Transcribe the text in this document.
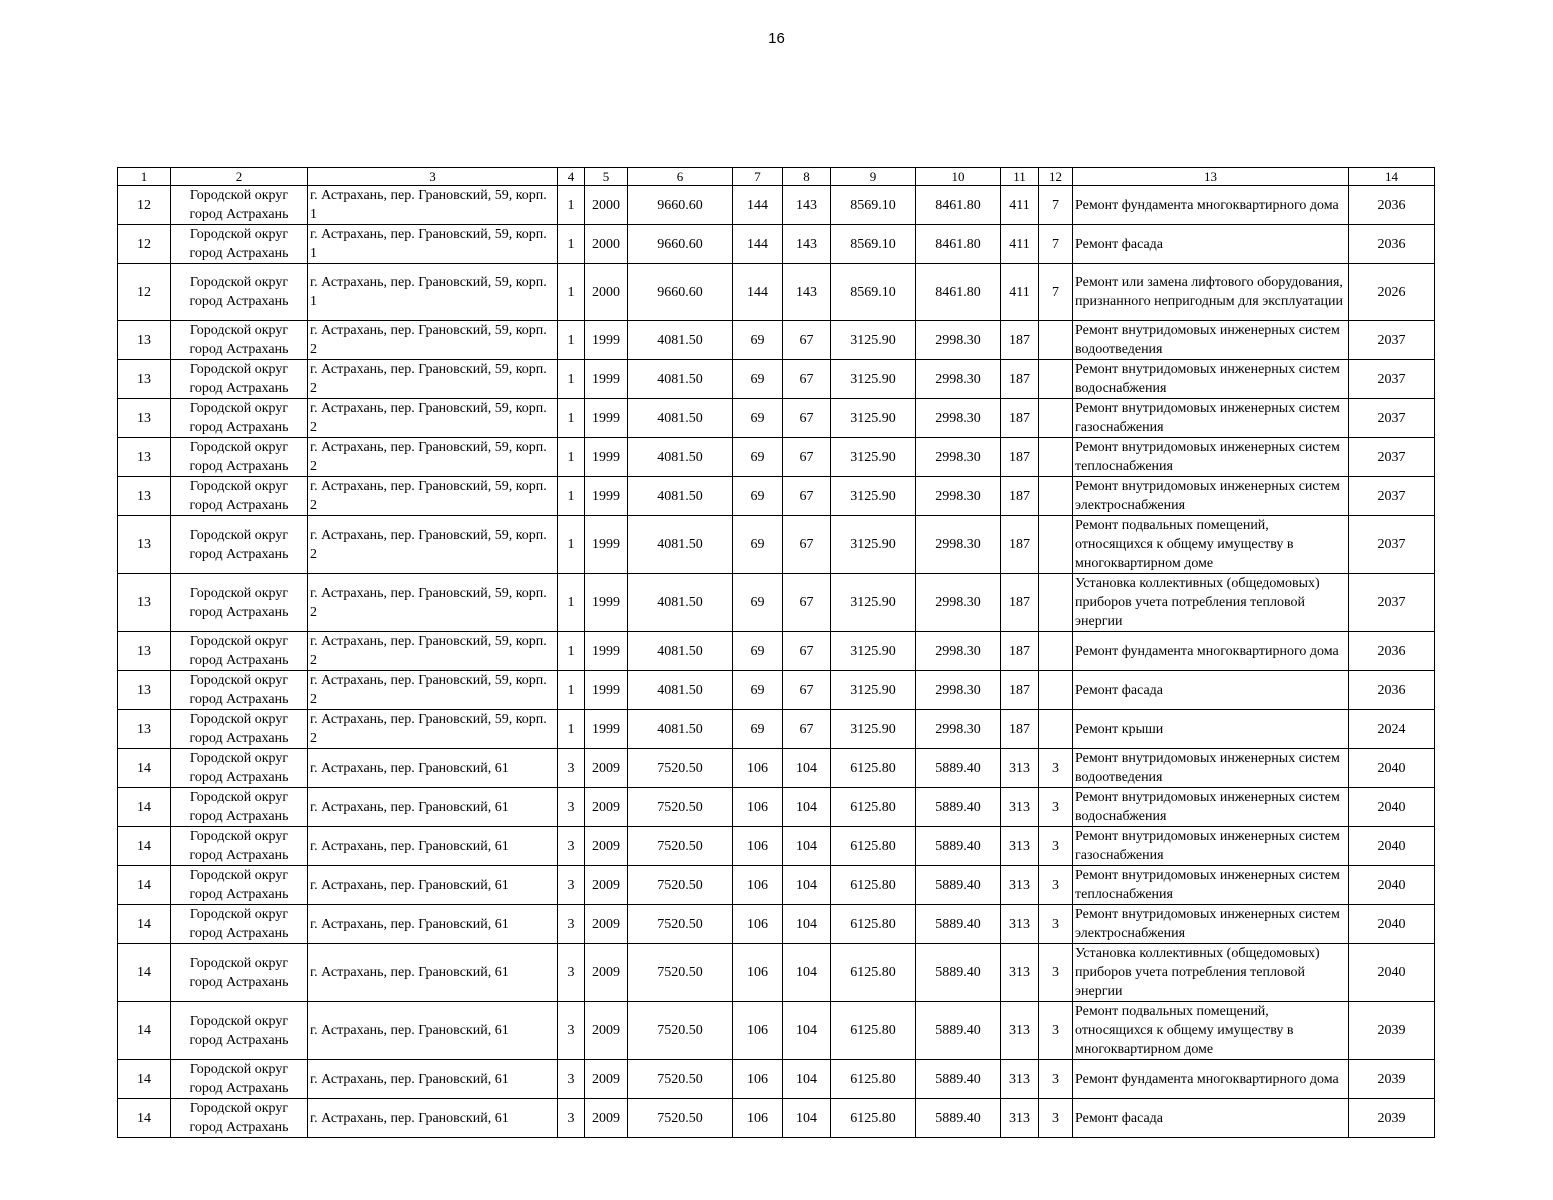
16
1	2	3	4	5	6	7	8	9	10	11	12	13	14
12	Городской округ город Астрахань	г. Астрахань, пер. Грановский, 59, корп. 1	1	2000	9660.60	144	143	8569.10	8461.80	411	7	Ремонт фундамента многоквартирного дома	2036
12	Городской округ город Астрахань	г. Астрахань, пер. Грановский, 59, корп. 1	1	2000	9660.60	144	143	8569.10	8461.80	411	7	Ремонт фасада	2036
12	Городской округ город Астрахань	г. Астрахань, пер. Грановский, 59, корп. 1	1	2000	9660.60	144	143	8569.10	8461.80	411	7	Ремонт или замена лифтового оборудования, признанного непригодным для эксплуатации	2026
13	Городской округ город Астрахань	г. Астрахань, пер. Грановский, 59, корп. 2	1	1999	4081.50	69	67	3125.90	2998.30	187		Ремонт внутридомовых инженерных систем водоотведения	2037
13	Городской округ город Астрахань	г. Астрахань, пер. Грановский, 59, корп. 2	1	1999	4081.50	69	67	3125.90	2998.30	187		Ремонт внутридомовых инженерных систем водоснабжения	2037
13	Городской округ город Астрахань	г. Астрахань, пер. Грановский, 59, корп. 2	1	1999	4081.50	69	67	3125.90	2998.30	187		Ремонт внутридомовых инженерных систем газоснабжения	2037
13	Городской округ город Астрахань	г. Астрахань, пер. Грановский, 59, корп. 2	1	1999	4081.50	69	67	3125.90	2998.30	187		Ремонт внутридомовых инженерных систем теплоснабжения	2037
13	Городской округ город Астрахань	г. Астрахань, пер. Грановский, 59, корп. 2	1	1999	4081.50	69	67	3125.90	2998.30	187		Ремонт внутридомовых инженерных систем электроснабжения	2037
13	Городской округ город Астрахань	г. Астрахань, пер. Грановский, 59, корп. 2	1	1999	4081.50	69	67	3125.90	2998.30	187		Ремонт подвальных помещений, относящихся к общему имуществу в многоквартирном доме	2037
13	Городской округ город Астрахань	г. Астрахань, пер. Грановский, 59, корп. 2	1	1999	4081.50	69	67	3125.90	2998.30	187		Установка коллективных (общедомовых) приборов учета потребления тепловой энергии	2037
13	Городской округ город Астрахань	г. Астрахань, пер. Грановский, 59, корп. 2	1	1999	4081.50	69	67	3125.90	2998.30	187		Ремонт фундамента многоквартирного дома	2036
13	Городской округ город Астрахань	г. Астрахань, пер. Грановский, 59, корп. 2	1	1999	4081.50	69	67	3125.90	2998.30	187		Ремонт фасада	2036
13	Городской округ город Астрахань	г. Астрахань, пер. Грановский, 59, корп. 2	1	1999	4081.50	69	67	3125.90	2998.30	187		Ремонт крыши	2024
14	Городской округ город Астрахань	г. Астрахань, пер. Грановский, 61	3	2009	7520.50	106	104	6125.80	5889.40	313	3	Ремонт внутридомовых инженерных систем водоотведения	2040
14	Городской округ город Астрахань	г. Астрахань, пер. Грановский, 61	3	2009	7520.50	106	104	6125.80	5889.40	313	3	Ремонт внутридомовых инженерных систем водоснабжения	2040
14	Городской округ город Астрахань	г. Астрахань, пер. Грановский, 61	3	2009	7520.50	106	104	6125.80	5889.40	313	3	Ремонт внутридомовых инженерных систем газоснабжения	2040
14	Городской округ город Астрахань	г. Астрахань, пер. Грановский, 61	3	2009	7520.50	106	104	6125.80	5889.40	313	3	Ремонт внутридомовых инженерных систем теплоснабжения	2040
14	Городской округ город Астрахань	г. Астрахань, пер. Грановский, 61	3	2009	7520.50	106	104	6125.80	5889.40	313	3	Ремонт внутридомовых инженерных систем электроснабжения	2040
14	Городской округ город Астрахань	г. Астрахань, пер. Грановский, 61	3	2009	7520.50	106	104	6125.80	5889.40	313	3	Установка коллективных (общедомовых) приборов учета потребления тепловой энергии	2040
14	Городской округ город Астрахань	г. Астрахань, пер. Грановский, 61	3	2009	7520.50	106	104	6125.80	5889.40	313	3	Ремонт подвальных помещений, относящихся к общему имуществу в многоквартирном доме	2039
14	Городской округ город Астрахань	г. Астрахань, пер. Грановский, 61	3	2009	7520.50	106	104	6125.80	5889.40	313	3	Ремонт фундамента многоквартирного дома	2039
14	Городской округ город Астрахань	г. Астрахань, пер. Грановский, 61	3	2009	7520.50	106	104	6125.80	5889.40	313	3	Ремонт фасада	2039
